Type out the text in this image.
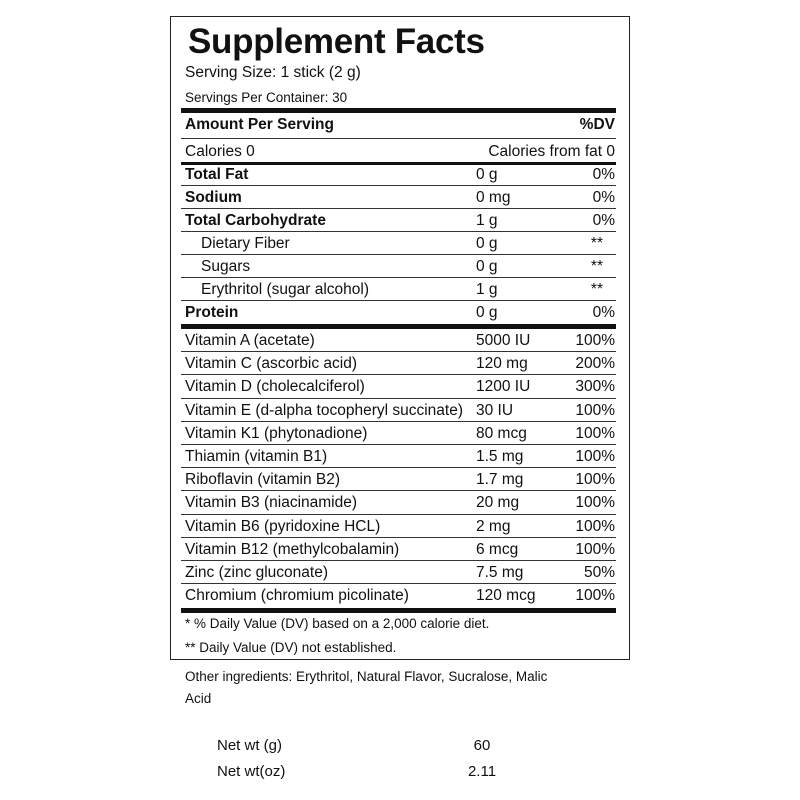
Supplement Facts
Serving Size: 1 stick (2 g)
Servings Per Container: 30
Amount Per Serving	%DV
Calories 0	Calories from fat 0
Total Fat	0 g	0%
Sodium	0 mg	0%
Total Carbohydrate	1 g	0%
Dietary Fiber	0 g	**
Sugars	0 g	**
Erythritol (sugar alcohol)	1 g	**
Protein	0 g	0%
Vitamin A (acetate)	5000 IU	100%
Vitamin C (ascorbic acid)	120 mg	200%
Vitamin D (cholecalciferol)	1200 IU	300%
Vitamin E (d-alpha tocopheryl succinate) 30 IU	100%
Vitamin K1 (phytonadione)	80 mcg	100%
Thiamin (vitamin B1)	1.5 mg	100%
Riboflavin (vitamin B2)	1.7 mg	100%
Vitamin B3 (niacinamide)	20 mg	100%
Vitamin B6 (pyridoxine HCL)	2 mg	100%
Vitamin B12 (methylcobalamin)	6 mcg	100%
Zinc (zinc gluconate)	7.5 mg	50%
Chromium (chromium picolinate)	120 mcg	100%
* % Daily Value (DV) based on a 2,000 calorie diet.
** Daily Value (DV) not established.
Other ingredients: Erythritol, Natural Flavor, Sucralose, Malic Acid
Net wt (g)	60
Net wt(oz)	2.11
